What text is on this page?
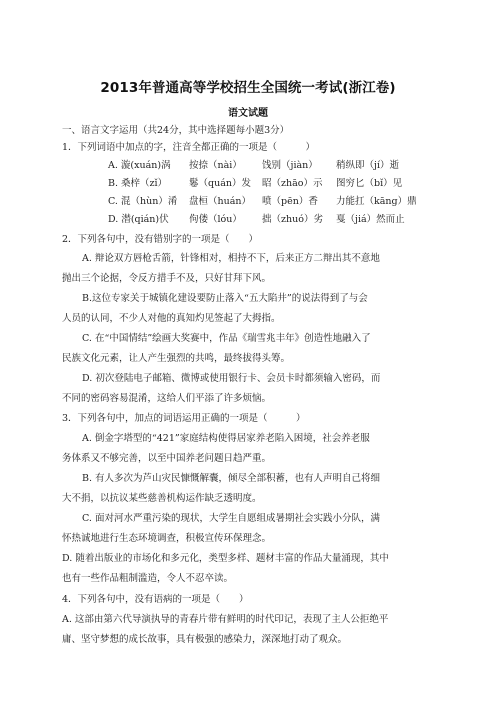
2013年普通高等学校招生全国统一考试(浙江卷)
语文试题
一、语言文字运用（共24分，其中选择题每小题3分）
1．下列词语中加点的字，注音全都正确的一项是（　　　）
A. 漩(xuán)涡 按捺（nài） 饯别（jiàn） 稍纵即（jí）逝
B. 桑梓（zǐ） 鬈（quán）发 昭（zhāo）示 图穷匕（bǐ）见
C. 混（hùn）淆 盘桓（huán） 喷（pēn）香 力能扛（kāng）鼎
D. 潜(qián)伏 佝偻（lóu） 拙（zhuó）劣 戛（jiá）然而止
2．下列各句中，没有错别字的一项是（　　）
A. 辩论双方唇枪舌箭，针锋相对，相持不下，后来正方二辩出其不意地
抛出三个论据，令反方措手不及，只好甘拜下风。
B.这位专家关于城镇化建设要防止落入“五大陷井”的说法得到了与会
人员的认同，不少人对他的真知灼见签起了大拇指。
C. 在“中国情结”绘画大奖赛中，作品《瑞雪兆丰年》创造性地融入了
民族文化元素，让人产生强烈的共鸣，最终拔得头筹。
D. 初次登陆电子邮箱、微博或使用银行卡、会员卡时都须输入密码，而
不同的密码容易混淆，这给人们平添了许多烦恼。
3．下列各句中，加点的词语运用正确的一项是（　　　）
A. 倒金字塔型的“421”家庭结构使得居家养老陷入困境，社会养老服
务体系又不够完善，以至中国养老问题日趋严重。
B. 有人多次为芦山灾民慷慨解囊，倾尽全部积蓄，也有人声明自己将细
大不捐，以抗议某些慈善机构运作缺乏透明度。
C. 面对河水严重污染的现状，大学生自愿组成暑期社会实践小分队，满
怀热诚地进行生态环境调查，积极宣传环保理念。
D. 随着出版业的市场化和多元化，类型多样、题材丰富的作品大量涌现，其中
也有一些作品粗制滥造，令人不忍卒读。
4．下列各句中，没有语病的一项是（　　）
A. 这部由第六代导演执导的青春片带有鲜明的时代印记，表现了主人公拒绝平
庸、坚守梦想的成长故事，具有极强的感染力，深深地打动了观众。
